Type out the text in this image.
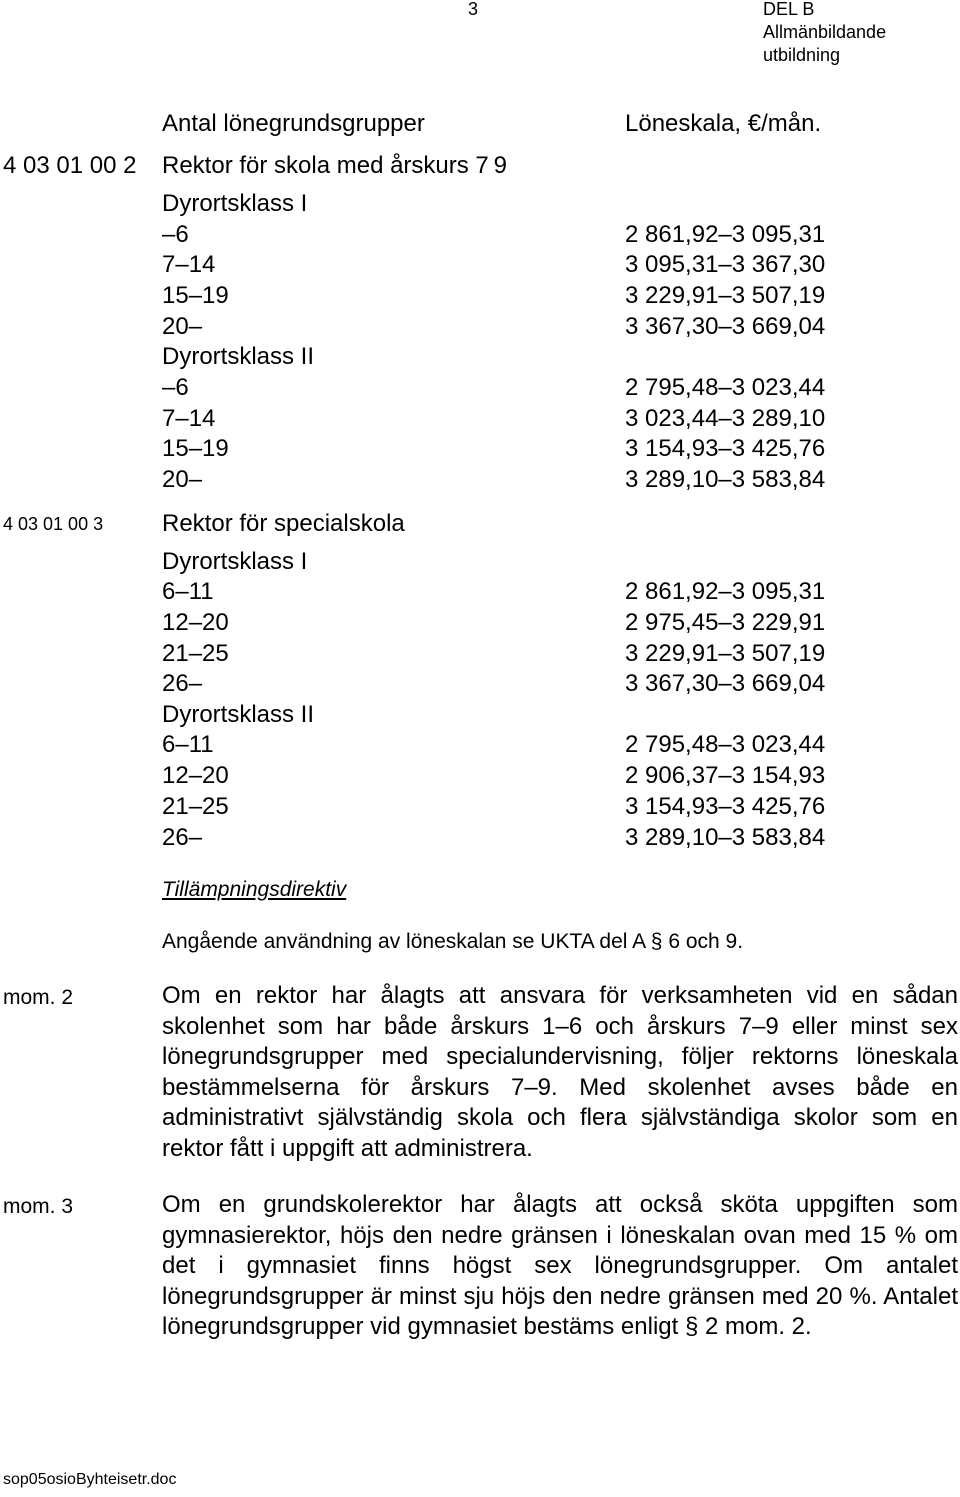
3	DEL B
Allmänbildande
utbildning
Antal lönegrundsgrupper	Löneskala, €/mån.
4 03 01 00 2 Rektor för skola med årskurs 7 9
Dyrortsklass I
–6	2 861,92–3 095,31
7–14	3 095,31–3 367,30
15–19	3 229,91–3 507,19
20–	3 367,30–3 669,04
Dyrortsklass II
–6	2 795,48–3 023,44
7–14	3 023,44–3 289,10
15–19	3 154,93–3 425,76
20–	3 289,10–3 583,84
4 03 01 00 3 Rektor för specialskola
Dyrortsklass I
6–11	2 861,92–3 095,31
12–20	2 975,45–3 229,91
21–25	3 229,91–3 507,19
26–	3 367,30–3 669,04
Dyrortsklass II
6–11	2 795,48–3 023,44
12–20	2 906,37–3 154,93
21–25	3 154,93–3 425,76
26–	3 289,10–3 583,84
Tillämpningsdirektiv
Angående användning av löneskalan se UKTA del A § 6 och 9.
mom. 2	Om en rektor har ålagts att ansvara för verksamheten vid en sådan skolenhet som har både årskurs 1–6 och årskurs 7–9 eller minst sex lönegrundsgrupper med specialundervisning, följer rektorns löneskala bestämmelserna för årskurs 7–9. Med skolenhet avses både en administrativt självständig skola och flera självständiga skolor som en rektor fått i uppgift att administrera.
mom. 3	Om en grundskolerektor har ålagts att också sköta uppgiften som gymnasierektor, höjs den nedre gränsen i löneskalan ovan med 15 % om det i gymnasiet finns högst sex lönegrundsgrupper. Om antalet lönegrundsgrupper är minst sju höjs den nedre gränsen med 20 %. Antalet lönegrundsgrupper vid gymnasiet bestäms enligt § 2 mom. 2.
sop05osioByhteisetr.doc
